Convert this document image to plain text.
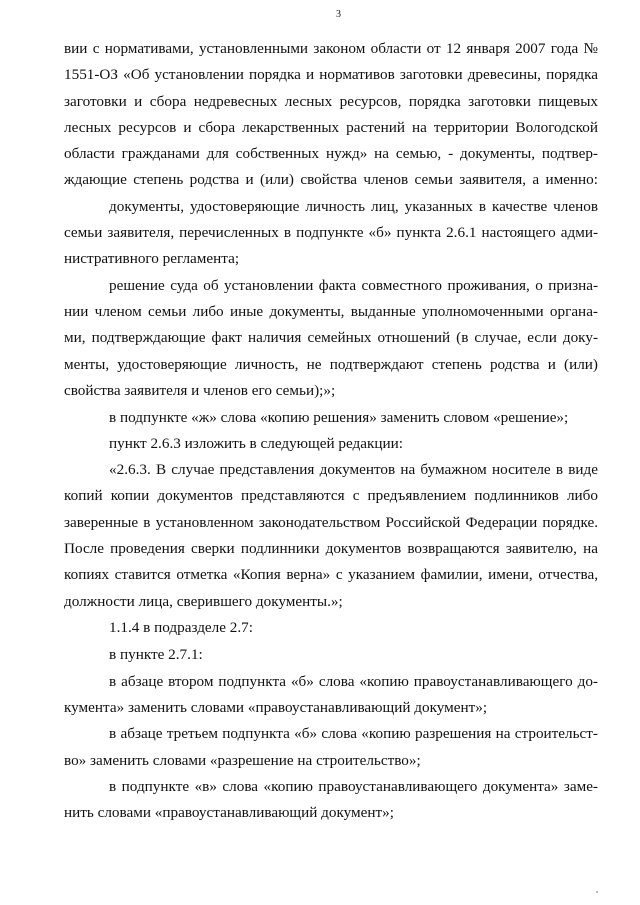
3
вии с нормативами, установленными законом области от 12 января 2007 года №
1551-ОЗ «Об установлении порядка и нормативов заготовки древесины, порядка
заготовки и сбора недревесных лесных ресурсов, порядка заготовки пищевых
лесных ресурсов и сбора лекарственных растений на территории Вологодской
области гражданами для собственных нужд» на семью, - документы, подтвер-
ждающие степень родства и (или) свойства членов семьи заявителя, а именно:
документы, удостоверяющие личность лиц, указанных в качестве членов
семьи заявителя, перечисленных в подпункте «б» пункта 2.6.1 настоящего адми-
нистративного регламента;
решение суда об установлении факта совместного проживания, о призна-
нии членом семьи либо иные документы, выданные уполномоченными органа-
ми, подтверждающие факт наличия семейных отношений (в случае, если доку-
менты, удостоверяющие личность, не подтверждают степень родства и (или)
свойства заявителя и членов его семьи);»;
в подпункте «ж» слова «копию решения» заменить словом «решение»;
пункт 2.6.3 изложить в следующей редакции:
«2.6.3. В случае представления документов на бумажном носителе в виде
копий копии документов представляются с предъявлением подлинников либо
заверенные в установленном законодательством Российской Федерации порядке.
После проведения сверки подлинники документов возвращаются заявителю, на
копиях ставится отметка «Копия верна» с указанием фамилии, имени, отчества,
должности лица, сверившего документы.»;
1.1.4 в подразделе 2.7:
в пункте 2.7.1:
в абзаце втором подпункта «б» слова «копию правоустанавливающего до-
кумента» заменить словами «правоустанавливающий документ»;
в абзаце третьем подпункта «б» слова «копию разрешения на строительст-
во» заменить словами «разрешение на строительство»;
в подпункте «в» слова «копию правоустанавливающего документа» заме-
нить словами «правоустанавливающий документ»;
